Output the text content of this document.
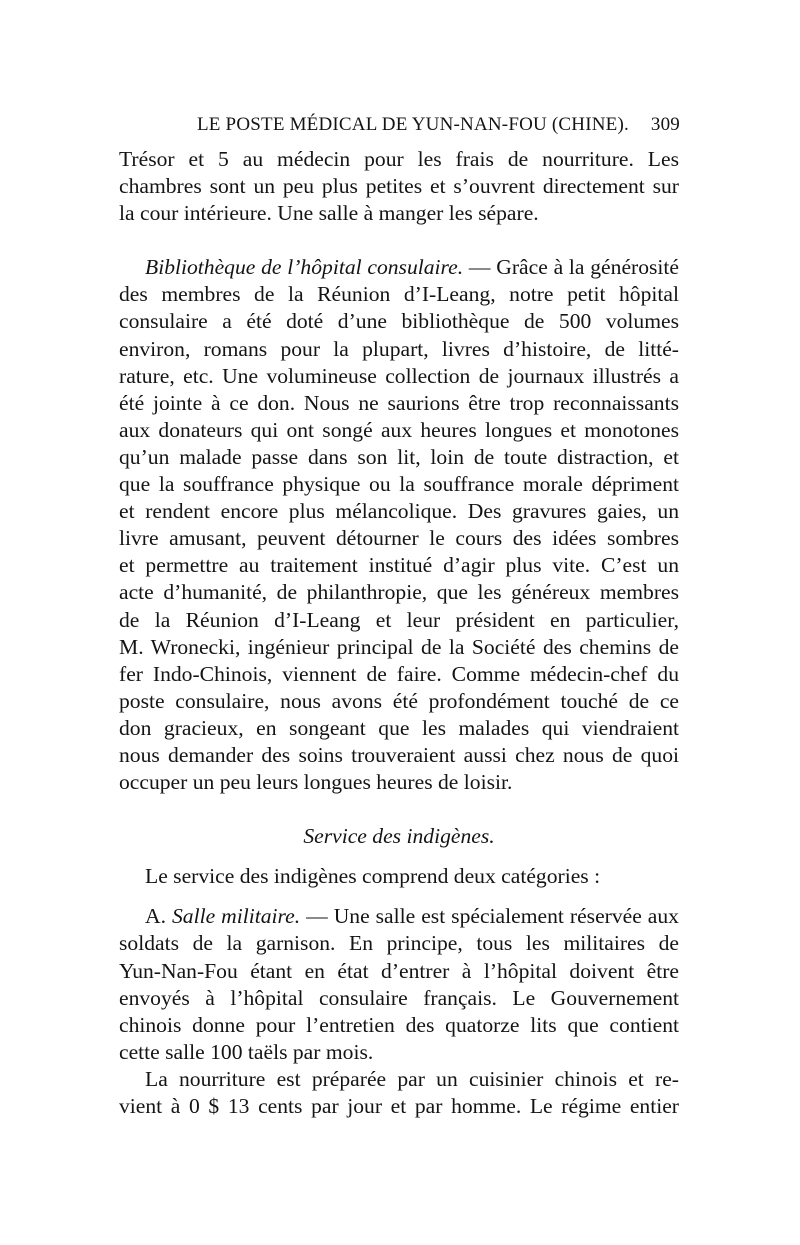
LE POSTE MÉDICAL DE YUN-NAN-FOU (CHINE). 309

Trésor et 5 au médecin pour les frais de nourriture. Les

chambres sont un peu plus petites et s’ouvrent directement sur

la cour intérieure. Une salle à manger les sépare.

Bibliothèque de l’hôpital consulaire. — Grâce à la générosité

des membres de la Réunion d’I-Leang, notre petit hôpital

consulaire a été doté d’une bibliothèque de 500 volumes

environ, romans pour la plupart, livres d’histoire, de litté-

rature, etc. Une volumineuse collection de journaux illustrés a

été jointe à ce don. Nous ne saurions être trop reconnaissants

aux donateurs qui ont songé aux heures longues et monotones

qu’un malade passe dans son lit, loin de toute distraction, et

que la souffrance physique ou la souffrance morale dépriment

et rendent encore plus mélancolique. Des gravures gaies, un

livre amusant, peuvent détourner le cours des idées sombres

et permettre au traitement institué d’agir plus vite. C’est un

acte d’humanité, de philanthropie, que les généreux membres

de la Réunion d’I-Leang et leur président en particulier,

M. Wronecki, ingénieur principal de la Société des chemins de

fer Indo-Chinois, viennent de faire. Comme médecin-chef du

poste consulaire, nous avons été profondément touché de ce

don gracieux, en songeant que les malades qui viendraient

nous demander des soins trouveraient aussi chez nous de quoi

occuper un peu leurs longues heures de loisir.

Service des indigènes.

Le service des indigènes comprend deux catégories :

A. Salle militaire. — Une salle est spécialement réservée aux

soldats de la garnison. En principe, tous les militaires de

Yun-Nan-Fou étant en état d’entrer à l’hôpital doivent être

envoyés à l’hôpital consulaire français. Le Gouvernement

chinois donne pour l’entretien des quatorze lits que contient

cette salle 100 taëls par mois.

La nourriture est préparée par un cuisinier chinois et re-

vient à 0 $ 13 cents par jour et par homme. Le régime entier
